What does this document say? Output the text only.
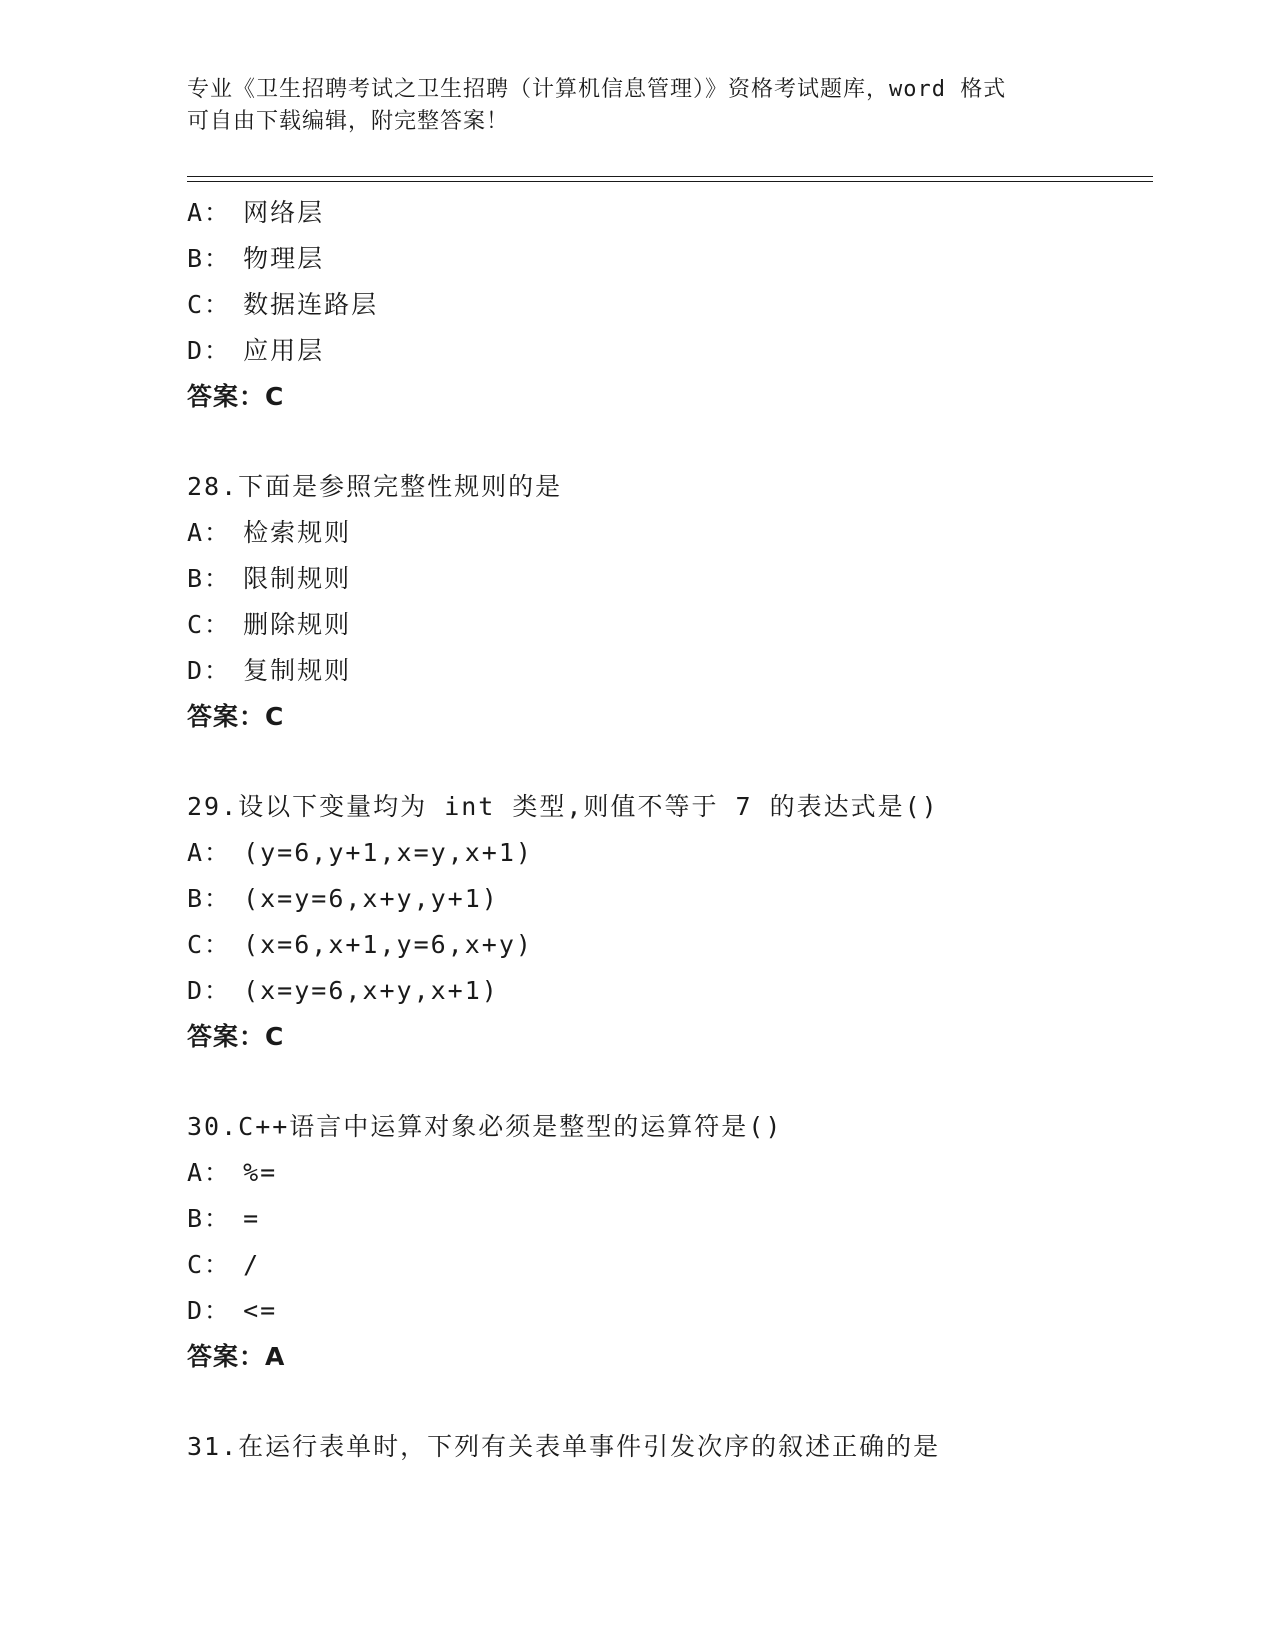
专业《卫生招聘考试之卫生招聘（计算机信息管理）》资格考试题库，word 格式
可自由下载编辑，附完整答案！
A： 网络层
B： 物理层
C： 数据连路层
D： 应用层
答案：C
28.下面是参照完整性规则的是
A： 检索规则
B： 限制规则
C： 删除规则
D： 复制规则
答案：C
29.设以下变量均为 int 类型,则值不等于 7 的表达式是()
A： (y=6,y+1,x=y,x+1)
B： (x=y=6,x+y,y+1)
C： (x=6,x+1,y=6,x+y)
D： (x=y=6,x+y,x+1)
答案：C
30.C++语言中运算对象必须是整型的运算符是()
A： %=
B： =
C： /
D： <=
答案：A
31.在运行表单时，下列有关表单事件引发次序的叙述正确的是
